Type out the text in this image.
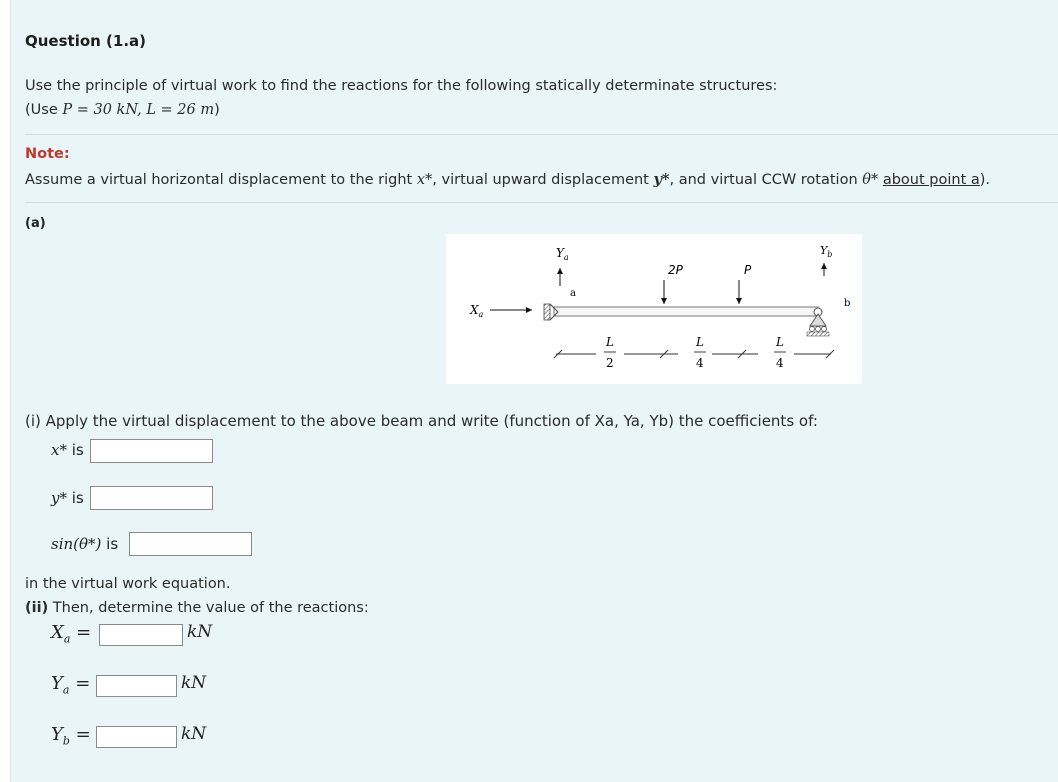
Question (1.a)
Use the principle of virtual work to find the reactions for the following statically determinate structures:
(Use P = 30 kN, L = 26 m)
Note:
Assume a virtual horizontal displacement to the right x*, virtual upward displacement y*, and virtual CCW rotation θ* about point a).
(a)
$Y_a$
$Y_b$
$X_a$
a
b
2P	P
L
2
L
4
L
4
(i) Apply the virtual displacement to the above beam and write (function of Xa, Ya, Yb) the coefficients of:
x* is
y* is
sin(θ*) is
in the virtual work equation.
(ii) Then, determine the value of the reactions:
$X_a$ =	kN
$Y_a$ =	kN
$Y_b$ =	kN
